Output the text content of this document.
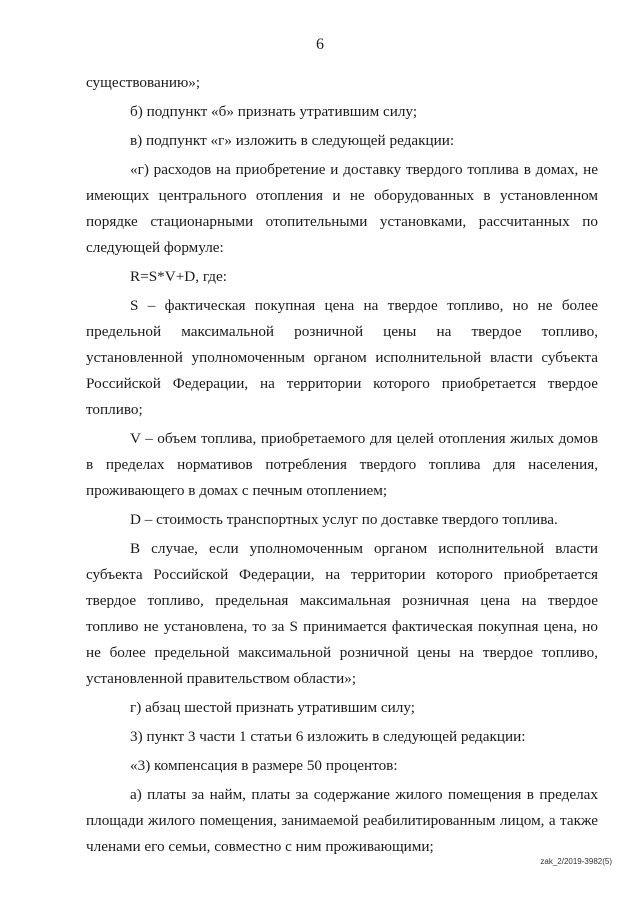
6

существованию»;

б) подпункт «б» признать утратившим силу;

в) подпункт «г» изложить в следующей редакции:

«г) расходов на приобретение и доставку твердого топлива в домах, не имеющих центрального отопления и не оборудованных в установленном порядке стационарными отопительными установками, рассчитанных по следующей формуле:

R=S*V+D, где:

S – фактическая покупная цена на твердое топливо, но не более предельной максимальной розничной цены на твердое топливо, установленной уполномоченным органом исполнительной власти субъекта Российской Федерации, на территории которого приобретается твердое топливо;

V – объем топлива, приобретаемого для целей отопления жилых домов в пределах нормативов потребления твердого топлива для населения, проживающего в домах с печным отоплением;

D – стоимость транспортных услуг по доставке твердого топлива.

В случае, если уполномоченным органом исполнительной власти субъекта Российской Федерации, на территории которого приобретается твердое топливо, предельная максимальная розничная цена на твердое топливо не установлена, то за S принимается фактическая покупная цена, но не более предельной максимальной розничной цены на твердое топливо, установленной правительством области»;

г) абзац шестой признать утратившим силу;

3) пункт 3 части 1 статьи 6 изложить в следующей редакции:

«3) компенсация в размере 50 процентов:

а) платы за найм, платы за содержание жилого помещения в пределах площади жилого помещения, занимаемой реабилитированным лицом, а также членами его семьи, совместно с ним проживающими;

zak_2/2019-3982(5)
